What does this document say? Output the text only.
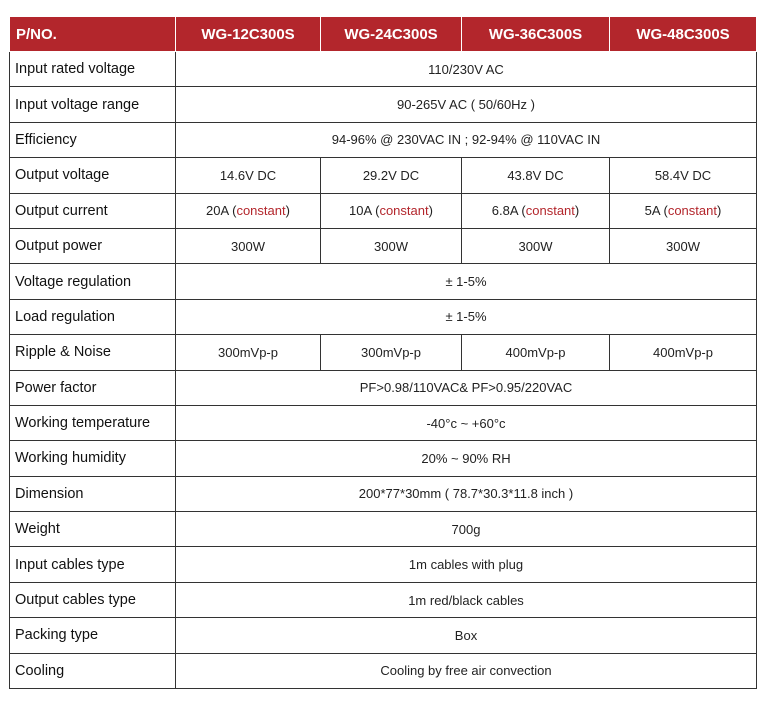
P/NO.	WG-12C300S	WG-24C300S	WG-36C300S	WG-48C300S
Input rated voltage	110/230V AC			
Input voltage range	90-265V AC ( 50/60Hz )			
Efficiency	94-96% @ 230VAC IN ; 92-94% @ 110VAC IN			
Output voltage	14.6V DC	29.2V DC	43.8V DC	58.4V DC
Output current	20A (constant)	10A (constant)	6.8A (constant)	5A (constant)
Output power	300W	300W	300W	300W
Voltage regulation	± 1-5%			
Load regulation	± 1-5%			
Ripple & Noise	300mVp-p	300mVp-p	400mVp-p	400mVp-p
Power factor	PF>0.98/110VAC& PF>0.95/220VAC			
Working temperature	-40°c ~ +60°c			
Working humidity	20% ~ 90% RH			
Dimension	200*77*30mm ( 78.7*30.3*11.8 inch )			
Weight	700g			
Input cables type	1m cables with plug			
Output cables type	1m red/black cables			
Packing type	Box			
Cooling	Cooling by free air convection			
